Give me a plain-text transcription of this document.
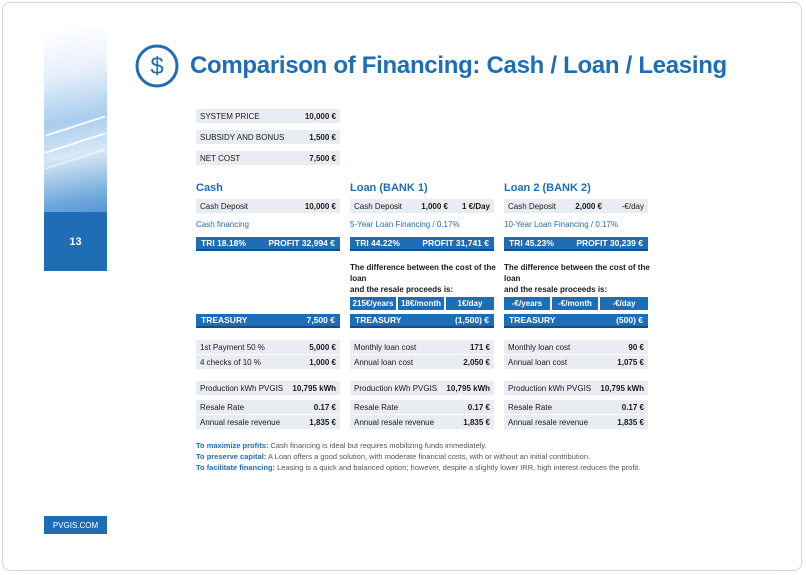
13
PVGIS.COM
$ Comparison of Financing: Cash / Loan / Leasing
SYSTEM PRICE	10,000 €
SUBSIDY AND BONUS	1,500 €
NET COST	7,500 €
Cash
Cash Deposit	10,000 €
Cash financing
TRI 18.18%	PROFIT 32,994 €
TREASURY	7,500 €
1st Payment 50 %	5,000 €
4 checks of 10 %	1,000 €
Production kWh PVGIS	10,795 kWh
Resale Rate	0.17 €
Annual resale revenue	1,835 €
Loan (BANK 1)
Cash Deposit	1,000 €	1 €/Day
5-Year Loan Financing / 0.17%
TRI 44.22%	PROFIT 31,741 €
The difference between the cost of the
loan
and the resale proceeds is:
215€/years 18€/month	1€/day
TREASURY	(1,500) €
Monthly loan cost	171 €
Annual loan cost	2,050 €
Production kWh PVGIS	10,795 kWh
Resale Rate	0.17 €
Annual resale revenue	1,835 €
Loan 2 (BANK 2)
Cash Deposit	2,000 €	-€/day
10-Year Loan Financing / 0.17%
TRI 45.23%	PROFIT 30,239 €
The difference between the cost of the
loan
and the resale proceeds is:
-€/years	-€/month	-€/day
TREASURY	(500) €
Monthly loan cost	90 €
Annual loan cost	1,075 €
Production kWh PVGIS	10,795 kWh
Resale Rate	0.17 €
Annual resale revenue	1,835 €
To maximize profits: Cash financing is ideal but requires mobilizing funds immediately.
To preserve capital: A Loan offers a good solution, with moderate financial costs, with or without an initial contribution.
To facilitate financing: Leasing is a quick and balanced option; however, despite a slightly lower IRR, high interest reduces the profit.
